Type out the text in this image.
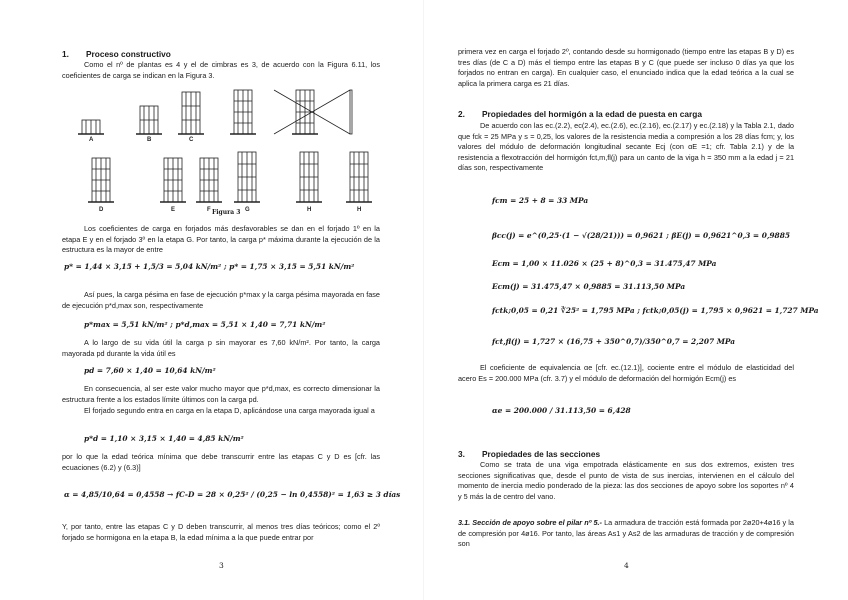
1. Proceso constructivo
Como el nº de plantas es 4 y el de cimbras es 3, de acuerdo con la Figura 6.11, los coeficientes de carga se indican en la Figura 3.
A	B	C
D	E	F	G	H	H
Figura 3
Los coeficientes de carga en forjados más desfavorables se dan en el forjado 1º en la etapa E y en el forjado 3º en la etapa G. Por tanto, la carga p* máxima durante la ejecución de la estructura es la mayor de entre
p* = 1,44 × 3,15 + 1,5/3 = 5,04 kN/m² ; p* = 1,75 × 3,15 = 5,51 kN/m²
Así pues, la carga pésima en fase de ejecución p*max y la carga pésima mayorada en fase de ejecución p*d,max son, respectivamente
p*max = 5,51 kN/m² ; p*d,max = 5,51 × 1,40 = 7,71 kN/m²
A lo largo de su vida útil la carga p sin mayorar es 7,60 kN/m². Por tanto, la carga mayorada pd durante la vida útil es
pd = 7,60 × 1,40 = 10,64 kN/m²
En consecuencia, al ser este valor mucho mayor que p*d,max, es correcto dimensionar la estructura frente a los estados límite últimos con la carga pd.
El forjado segundo entra en carga en la etapa D, aplicándose una carga mayorada igual a
p*d = 1,10 × 3,15 × 1,40 = 4,85 kN/m²
por lo que la edad teórica mínima que debe transcurrir entre las etapas C y D es [cfr. las ecuaciones (6.2) y (6.3)]
α = 4,85/10,64 = 0,4558 → fC-D = 28 × 0,25² / (0,25 − ln 0,4558)² = 1,63 ≥ 3 días
Y, por tanto, entre las etapas C y D deben transcurrir, al menos tres días teóricos; como el 2º forjado se hormigona en la etapa B, la edad mínima a la que puede entrar por
3
primera vez en carga el forjado 2º, contando desde su hormigonado (tiempo entre las etapas B y D) es tres días (de C a D) más el tiempo entre las etapas B y C (que puede ser incluso 0 días ya que los forjados no entran en carga). En cualquier caso, el enunciado indica que la edad teórica a la cual se aplica la primera carga es 21 días.
2. Propiedades del hormigón a la edad de puesta en carga
De acuerdo con las ec.(2.2), ec(2.4), ec.(2.6), ec.(2.16), ec.(2.17) y ec.(2.18) y la Tabla 2.1, dado que fck = 25 MPa y s = 0,25, los valores de la resistencia media a compresión a los 28 días fcm; y, los valores del módulo de deformación longitudinal secante Ecj (con αE =1; cfr. Tabla 2.1) y de la resistencia a flexotracción del hormigón fct,m,fl(j) para un canto de la viga h = 350 mm a la edad j = 21 días son, respectivamente
fcm = 25 + 8 = 33 MPa
βcc(j) = e^(0,25·(1 − √(28/21))) = 0,9621 ; βE(j) = 0,9621^0,3 = 0,9885
Ecm = 1,00 × 11.026 × (25 + 8)^0,3 = 31.475,47 MPa
Ecm(j) = 31.475,47 × 0,9885 = 31.113,50 MPa
fctk;0,05 = 0,21 ∛25² = 1,795 MPa ; fctk;0,05(j) = 1,795 × 0,9621 = 1,727 MPa
fct,fl(j) = 1,727 × (16,75 + 350^0,7)/350^0,7 = 2,207 MPa
El coeficiente de equivalencia αe [cfr. ec.(12.1)], cociente entre el módulo de elasticidad del acero Es = 200.000 MPa (cfr. 3.7) y el módulo de deformación del hormigón Ecm(j) es
αe = 200.000 / 31.113,50 = 6,428
3. Propiedades de las secciones
Como se trata de una viga empotrada elásticamente en sus dos extremos, existen tres secciones significativas que, desde el punto de vista de sus inercias, intervienen en el cálculo del momento de inercia medio ponderado de la pieza: las dos secciones de apoyo sobre los soportes nº 4 y 5 más la de centro del vano.
3.1. Sección de apoyo sobre el pilar nº 5.- La armadura de tracción está formada por 2ø20+4ø16 y la de compresión por 4ø16. Por tanto, las áreas As1 y As2 de las armaduras de tracción y de compresión son
4
